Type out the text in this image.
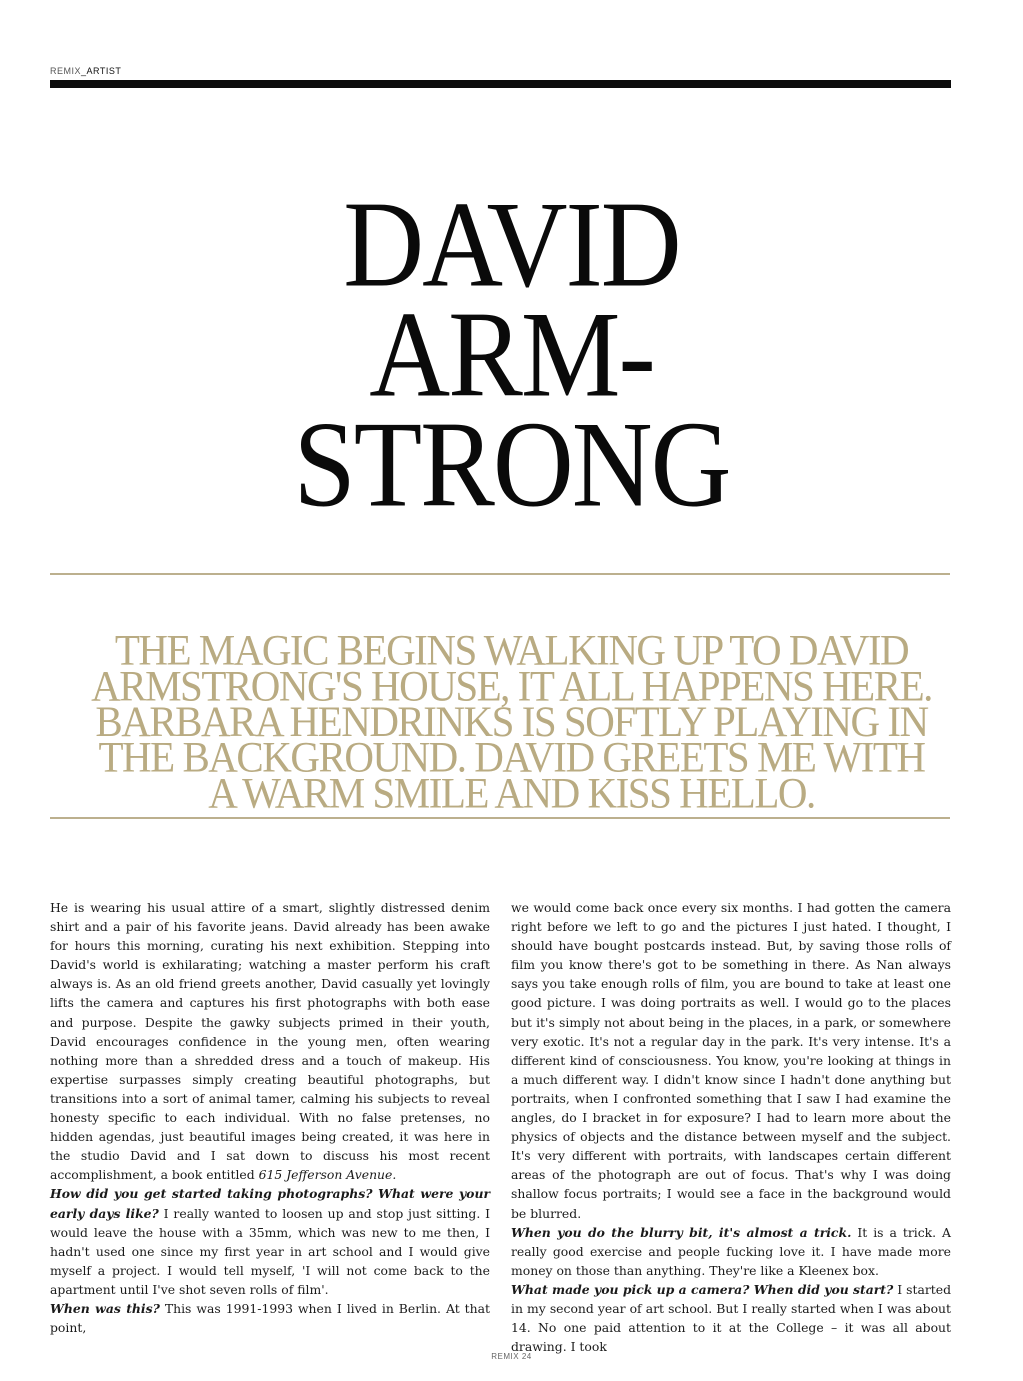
REMIX_ARTIST
DAVID
ARM-
STRONG
THE MAGIC BEGINS WALKING UP TO DAVID
ARMSTRONG'S HOUSE, IT ALL HAPPENS HERE.
BARBARA HENDRINKS IS SOFTLY PLAYING IN
THE BACKGROUND. DAVID GREETS ME WITH
A WARM SMILE AND KISS HELLO.

He is wearing his usual attire of a smart, slightly distressed denim shirt and a pair of his favorite jeans. David already has been awake for hours this morning, curating his next exhibition. Stepping into David's world is exhilarating; watching a master perform his craft always is. As an old friend greets another, David casually yet lovingly lifts the camera and captures his first photographs with both ease and purpose. Despite the gawky subjects primed in their youth, David encourages confidence in the young men, often wearing nothing more than a shredded dress and a touch of makeup. His expertise surpasses simply creating beautiful photographs, but transitions into a sort of animal tamer, calming his subjects to reveal honesty specific to each individual. With no false pretenses, no hidden agendas, just beautiful images being created, it was here in the studio David and I sat down to discuss his most recent accomplishment, a book entitled 615 Jefferson Avenue.

How did you get started taking photographs? What were your early days like? I really wanted to loosen up and stop just sitting. I would leave the house with a 35mm, which was new to me then, I hadn't used one since my first year in art school and I would give myself a project. I would tell myself, 'I will not come back to the apartment until I've shot seven rolls of film'.

When was this? This was 1991-1993 when I lived in Berlin. At that point,

we would come back once every six months. I had gotten the camera right before we left to go and the pictures I just hated. I thought, I should have bought postcards instead. But, by saving those rolls of film you know there's got to be something in there. As Nan always says you take enough rolls of film, you are bound to take at least one good picture. I was doing portraits as well. I would go to the places but it's simply not about being in the places, in a park, or somewhere very exotic. It's not a regular day in the park. It's very intense. It's a different kind of consciousness. You know, you're looking at things in a much different way. I didn't know since I hadn't done anything but portraits, when I confronted something that I saw I had examine the angles, do I bracket in for exposure? I had to learn more about the physics of objects and the distance between myself and the subject. It's very different with portraits, with landscapes certain different areas of the photograph are out of focus. That's why I was doing shallow focus portraits; I would see a face in the background would be blurred.

When you do the blurry bit, it's almost a trick. It is a trick. A really good exercise and people fucking love it. I have made more money on those than anything. They're like a Kleenex box.

What made you pick up a camera? When did you start? I started in my second year of art school. But I really started when I was about 14. No one paid attention to it at the College – it was all about drawing. I took

REMIX 24
